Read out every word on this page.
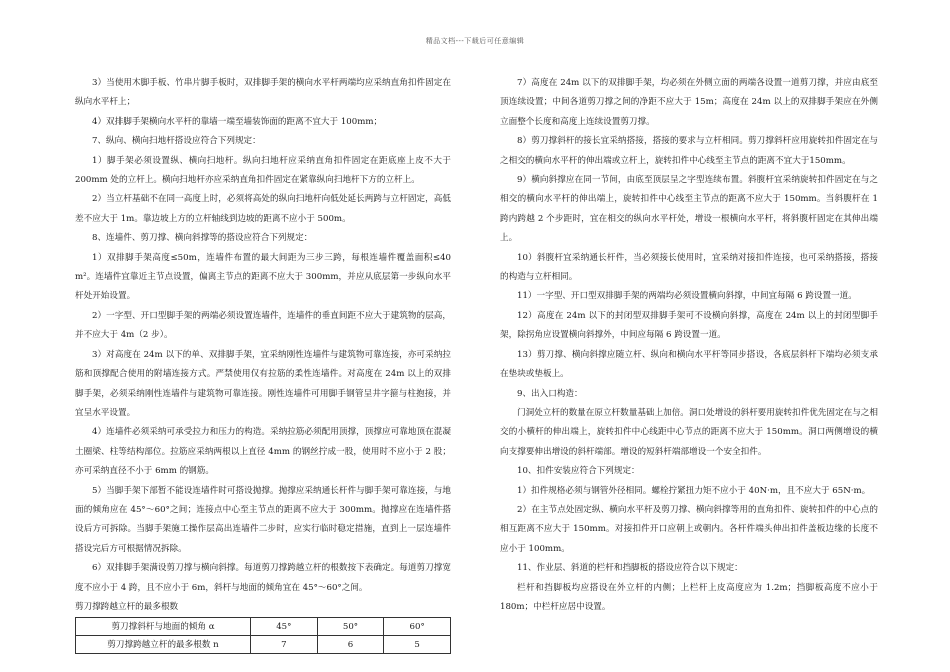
精品文档---下载后可任意编辑

3）当使用木脚手板、竹串片脚手板时，双排脚手架的横向水平杆两端均应采纳直角扣件固定在纵向水平杆上；

4）双排脚手架横向水平杆的靠墙一端至墙装饰面的距离不宜大于 100mm；

7、纵向、横向扫地杆搭设应符合下列规定：

1）脚手架必须设置纵、横向扫地杆。纵向扫地杆应采纳直角扣件固定在距底座上皮不大于200mm 处的立杆上。横向扫地杆亦应采纳直角扣件固定在紧靠纵向扫地杆下方的立杆上。

2）当立杆基础不在同一高度上时，必须将高处的纵向扫地杆向低处延长两跨与立杆固定，高低差不应大于 1m。靠边坡上方的立杆轴线到边坡的距离不应小于 500m。

8、连墙件、剪刀撑、横向斜撑等的搭设应符合下列规定：

1）双排脚手架高度≤50m，连墙件布置的最大间距为三步三跨，每根连墙件覆盖面积≤40 m²。连墙件宜靠近主节点设置，偏离主节点的距离不应大于 300mm，并应从底层第一步纵向水平杆处开始设置。

2）一字型、开口型脚手架的两端必须设置连墙件，连墙件的垂直间距不应大于建筑物的层高，并不应大于 4m（2 步）。

3）对高度在 24m 以下的单、双排脚手架，宜采纳刚性连墙件与建筑物可靠连接，亦可采纳拉筋和顶撑配合使用的附墙连接方式。严禁使用仅有拉筋的柔性连墙件。对高度在 24m 以上的双排脚手架，必须采纳刚性连墙件与建筑物可靠连接。刚性连墙件可用脚手钢管呈井字箍与柱抱接，并宜呈水平设置。

4）连墙件必须采纳可承受拉力和压力的构造。采纳拉筋必须配用顶撑，顶撑应可靠地顶在混凝土圈梁、柱等结构部位。拉筋应采纳两根以上直径 4mm 的钢丝拧成一股，使用时不应小于 2 股；亦可采纳直径不小于 6mm 的钢筋。

5）当脚手架下部暂不能设连墙件时可搭设抛撑。抛撑应采纳通长杆件与脚手架可靠连接，与地面的倾角应在 45°～60°之间；连接点中心至主节点的距离不应大于 300mm。抛撑应在连墙件搭设后方可拆除。当脚手架施工操作层高出连墙件二步时，应实行临时稳定措施，直到上一层连墙件搭设完后方可根据情况拆除。

6）双排脚手架满设剪刀撑与横向斜撑。每道剪刀撑跨越立杆的根数按下表确定。每道剪刀撑宽度不应小于 4 跨，且不应小于 6m，斜杆与地面的倾角宜在 45°～60°之间。

剪刀撑跨越立杆的最多根数
剪刀撑斜杆与地面的倾角 α	45°	50°	60°
剪刀撑跨越立杆的最多根数 n	7	6	5

7）高度在 24m 以下的双排脚手架，均必须在外侧立面的两端各设置一道剪刀撑，并应由底至顶连续设置；中间各道剪刀撑之间的净距不应大于 15m；高度在 24m 以上的双排脚手架应在外侧立面整个长度和高度上连续设置剪刀撑。

8）剪刀撑斜杆的接长宜采纳搭接，搭接的要求与立杆相同。剪刀撑斜杆应用旋转扣件固定在与之相交的横向水平杆的伸出端或立杆上，旋转扣件中心线至主节点的距离不宜大于150mm。

9）横向斜撑应在同一节间，由底至顶层呈之字型连续布置。斜腹杆宜采纳旋转扣件固定在与之相交的横向水平杆的伸出端上，旋转扣件中心线至主节点的距离不应大于 150mm。当斜腹杆在 1 跨内跨越 2 个步距时，宜在相交的纵向水平杆处，增设一根横向水平杆，将斜腹杆固定在其伸出端上。

10）斜腹杆宜采纳通长杆件，当必须接长使用时，宜采纳对接扣件连接，也可采纳搭接，搭接的构造与立杆相同。

11）一字型、开口型双排脚手架的两端均必须设置横向斜撑，中间宜每隔 6 跨设置一道。

12）高度在 24m 以下的封闭型双排脚手架可不设横向斜撑，高度在 24m 以上的封闭型脚手架，除拐角应设置横向斜撑外，中间应每隔 6 跨设置一道。

13）剪刀撑、横向斜撑应随立杆、纵向和横向水平杆等同步搭设，各底层斜杆下端均必须支承在垫块或垫板上。

9、出入口构造：

门洞处立杆的数量在原立杆数量基础上加倍。洞口处增设的斜杆要用旋转扣件优先固定在与之相交的小横杆的伸出端上，旋转扣件中心线距中心节点的距离不应大于 150mm。洞口两侧增设的横向支撑要伸出增设的斜杆端部。增设的短斜杆端部增设一个安全扣件。

10、扣件安装应符合下列规定：

1）扣件规格必须与钢管外径相同。螺栓拧紧扭力矩不应小于 40N·m，且不应大于 65N·m。

2）在主节点处固定纵、横向水平杆及剪刀撑、横向斜撑等用的直角扣件、旋转扣件的中心点的相互距离不应大于 150mm。对接扣件开口应朝上或朝内。各杆件端头伸出扣件盖板边缘的长度不应小于 100mm。

11、作业层、斜道的栏杆和挡脚板的搭设应符合以下规定：

栏杆和挡脚板均应搭设在外立杆的内侧；上栏杆上皮高度应为 1.2m；挡脚板高度不应小于 180m；中栏杆应居中设置。
